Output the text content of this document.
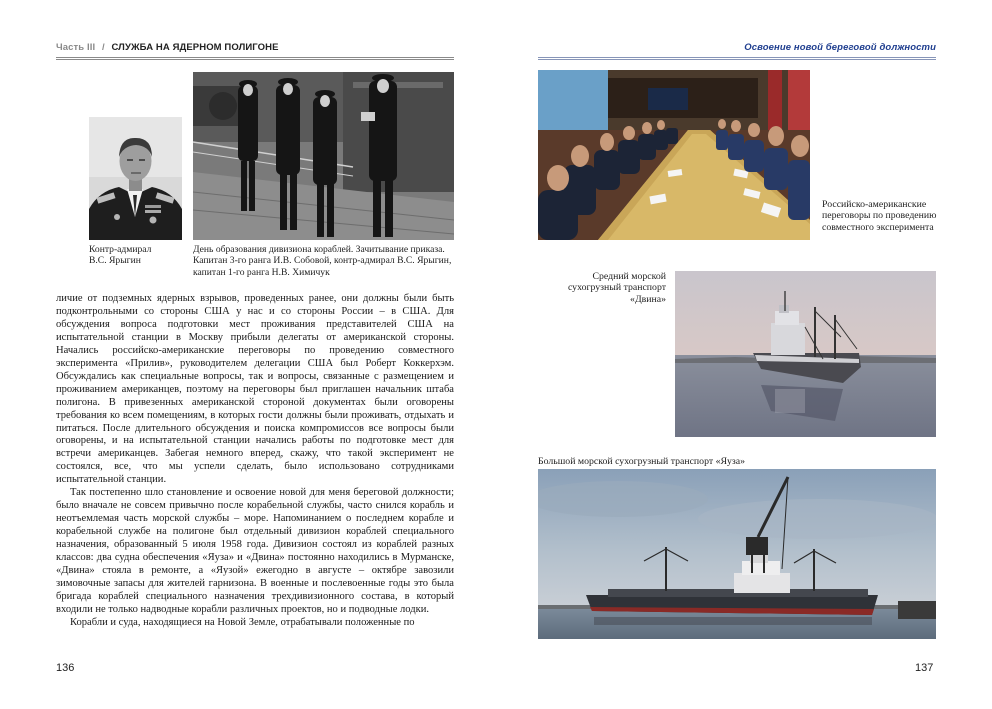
Часть III / СЛУЖБА НА ЯДЕРНОМ ПОЛИГОНЕ
Контр-адмирал
В.С. Ярыгин
День образования дивизиона кораблей. Зачитывание приказа. Капитан 3-го ранга И.В. Собовой, контр-адмирал В.С. Ярыгин, капитан 1-го ранга Н.В. Химичук

личие от подземных ядерных взрывов, проведенных ранее, они должны были быть подконтрольными со стороны США у нас и со стороны России – в США. Для обсуждения вопроса подготовки мест проживания представителей США на испытательной станции в Москву прибыли делегаты от американской стороны. Начались российско-американские переговоры по проведению совместного эксперимента «Прилив», руководителем делегации США был Роберт Коккерхэм. Обсуждались как специальные вопросы, так и вопросы, связанные с размещением и проживанием американцев, поэтому на переговоры был приглашен начальник штаба полигона. В привезенных американской стороной документах были оговорены требования ко всем помещениям, в которых гости должны были проживать, отдыхать и питаться. После длительного обсуждения и поиска компромиссов все вопросы были оговорены, и на испытательной станции начались работы по подготовке мест для встречи американцев. Забегая немного вперед, скажу, что такой эксперимент не состоялся, все, что мы успели сделать, было использовано сотрудниками испытательной станции.

Так постепенно шло становление и освоение новой для меня береговой должности; было вначале не совсем привычно после корабельной службы, часто снился корабль и неотъемлемая часть морской службы – море. Напоминанием о последнем корабле и корабельной службе на полигоне был отдельный дивизион кораблей специального назначения, образованный 5 июля 1958 года. Дивизион состоял из кораблей разных классов: два судна обеспечения «Яуза» и «Двина» постоянно находились в Мурманске, «Двина» стояла в ремонте, а «Яузой» ежегодно в августе – октябре завозили зимовочные запасы для жителей гарнизона. В военные и послевоенные годы это была бригада кораблей специального назначения трехдивизионного состава, в который входили не только надводные корабли различных проектов, но и подводные лодки.

Корабли и суда, находящиеся на Новой Земле, отрабатывали положенные по

136
Освоение новой береговой должности
Российско-американские переговоры по проведению совместного эксперимента
Средний морской сухогрузный транспорт «Двина»
Большой морской сухогрузный транспорт «Яуза»
137
